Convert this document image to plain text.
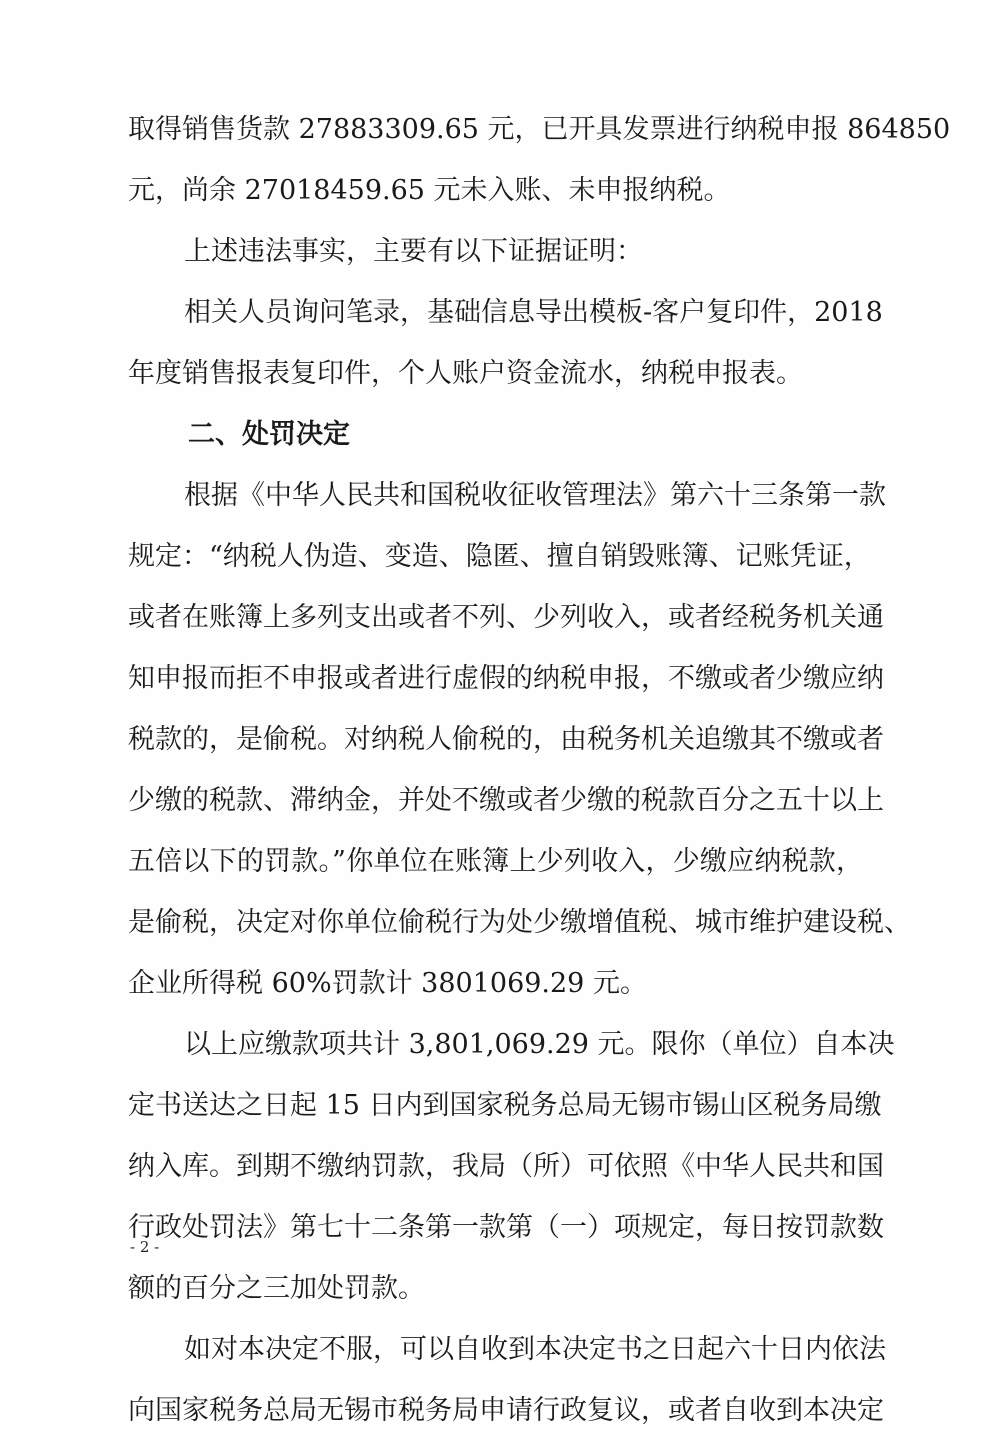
取得销售货款 27883309.65 元，已开具发票进行纳税申报 864850
元，尚余 27018459.65 元未入账、未申报纳税。
上述违法事实，主要有以下证据证明：
相关人员询问笔录，基础信息导出模板-客户复印件，2018
年度销售报表复印件，个人账户资金流水，纳税申报表。
二、处罚决定
根据《中华人民共和国税收征收管理法》第六十三条第一款
规定：“纳税人伪造、变造、隐匿、擅自销毁账簿、记账凭证，
或者在账簿上多列支出或者不列、少列收入，或者经税务机关通
知申报而拒不申报或者进行虚假的纳税申报，不缴或者少缴应纳
税款的，是偷税。对纳税人偷税的，由税务机关追缴其不缴或者
少缴的税款、滞纳金，并处不缴或者少缴的税款百分之五十以上
五倍以下的罚款。”你单位在账簿上少列收入，少缴应纳税款，
是偷税，决定对你单位偷税行为处少缴增值税、城市维护建设税、
企业所得税 60%罚款计 3801069.29 元。
以上应缴款项共计 3,801,069.29 元。限你（单位）自本决
定书送达之日起 15 日内到国家税务总局无锡市锡山区税务局缴
纳入库。到期不缴纳罚款，我局（所）可依照《中华人民共和国
行政处罚法》第七十二条第一款第（一）项规定，每日按罚款数
额的百分之三加处罚款。
如对本决定不服，可以自收到本决定书之日起六十日内依法
向国家税务总局无锡市税务局申请行政复议，或者自收到本决定
- 2 -
